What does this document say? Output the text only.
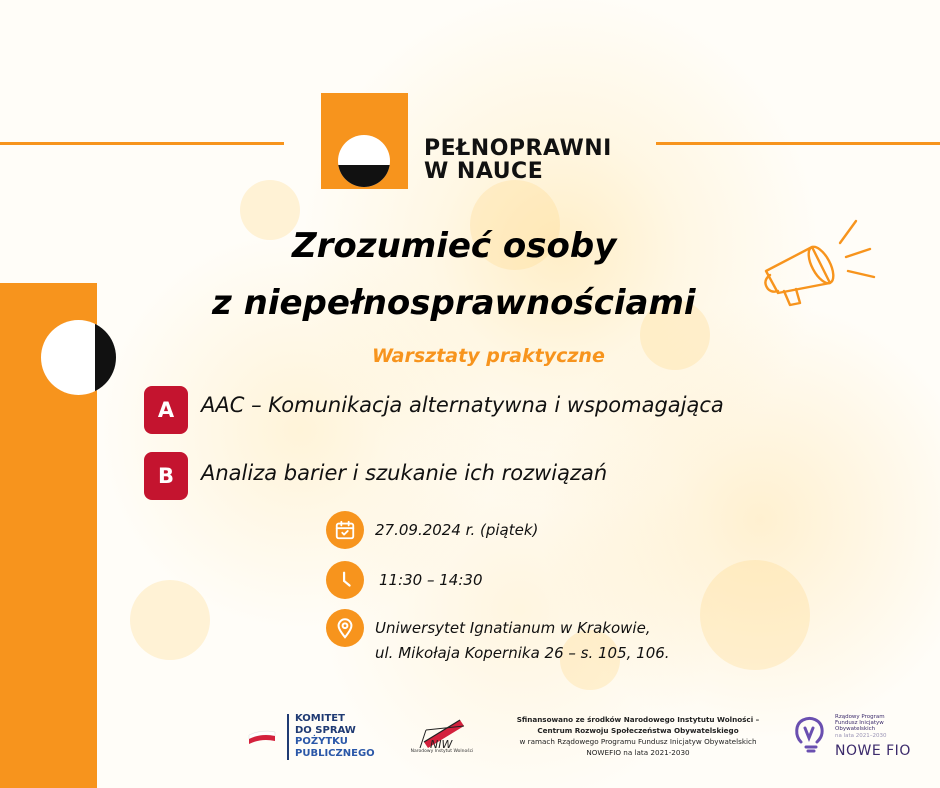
PEŁNOPRAWNI
W NAUCE
Zrozumieć osoby
z niepełnosprawnościami
Warsztaty praktyczne
A	AAC – Komunikacja alternatywna i wspomagająca
B	Analiza barier i szukanie ich rozwiązań
27.09.2024 r. (piątek)
11:30 – 14:30
Uniwersytet Ignatianum w Krakowie,
ul. Mikołaja Kopernika 26 – s. 105, 106.
KOMITET
DO SPRAW
POŻYTKU
PUBLICZNEGO
NIW
Narodowy Instytut Wolności
Sfinansowano ze środków Narodowego Instytutu Wolności –
Centrum Rozwoju Społeczeństwa Obywatelskiego
w ramach Rządowego Programu Fundusz Inicjatyw Obywatelskich
NOWEFIO na lata 2021-2030
Rządowy Program
Fundusz Inicjatyw
Obywatelskich
na lata 2021–2030
NOWE FIO
